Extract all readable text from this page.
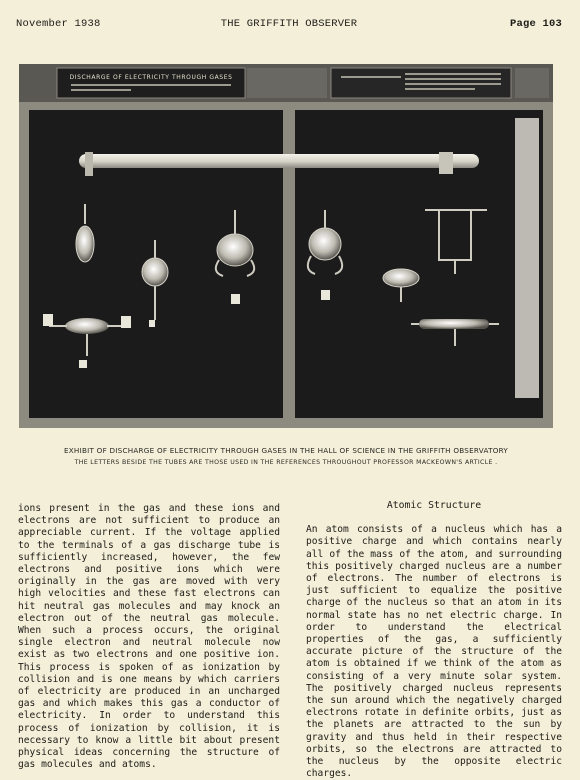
November 1938	THE GRIFFITH OBSERVER	Page 103
DISCHARGE OF ELECTRICITY THROUGH GASES
EXHIBIT OF DISCHARGE OF ELECTRICITY THROUGH GASES IN THE HALL OF SCIENCE IN THE GRIFFITH OBSERVATORY
THE LETTERS BESIDE THE TUBES ARE THOSE USED IN THE REFERENCES THROUGHOUT PROFESSOR MACKEOWN'S ARTICLE .

ions present in the gas and these ions and electrons are not sufficient to produce an appreciable current. If the voltage applied to the terminals of a gas discharge tube is sufficiently increased, however, the few electrons and positive ions which were originally in the gas are moved with very high velocities and these fast electrons can hit neutral gas molecules and may knock an electron out of the neutral gas molecule. When such a process occurs, the original single electron and neutral molecule now exist as two electrons and one positive ion. This process is spoken of as ionization by collision and is one means by which carriers of electricity are produced in an uncharged gas and which makes this gas a conductor of electricity. In order to understand this process of ionization by collision, it is necessary to know a little bit about present physical ideas concerning the structure of gas molecules and atoms.

Atomic Structure

An atom consists of a nucleus which has a positive charge and which contains nearly all of the mass of the atom, and surrounding this positively charged nucleus are a number of electrons. The number of electrons is just sufficient to equalize the positive charge of the nucleus so that an atom in its normal state has no net electric charge. In order to understand the electrical properties of the gas, a sufficiently accurate picture of the structure of the atom is obtained if we think of the atom as consisting of a very minute solar system. The positively charged nucleus represents the sun around which the negatively charged electrons rotate in definite orbits, just as the planets are attracted to the sun by gravity and thus held in their respective orbits, so the electrons are attracted to the nucleus by the opposite electric charges.
